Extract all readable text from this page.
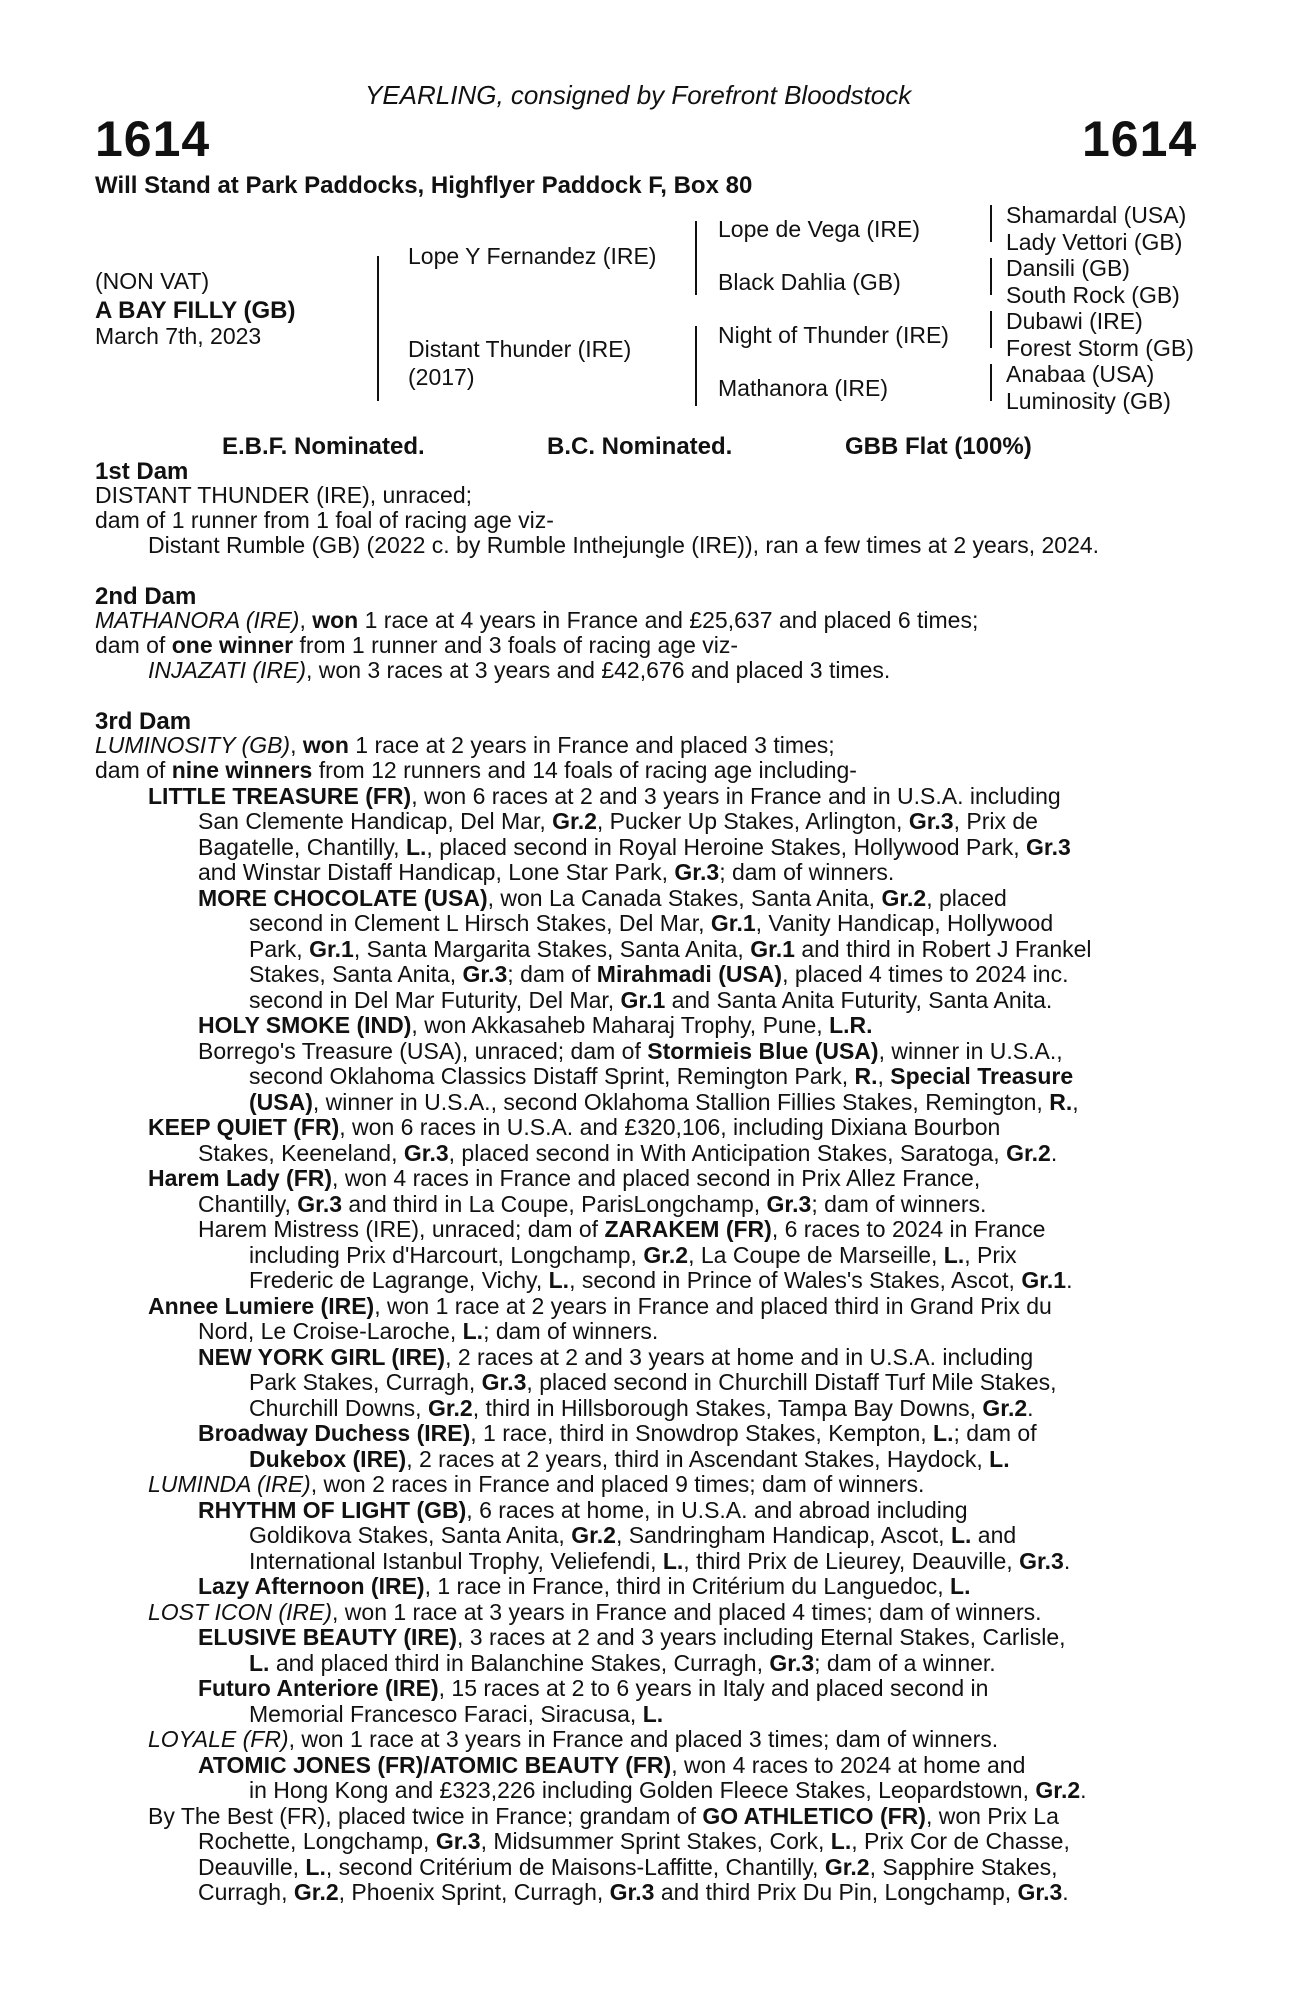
YEARLING, consigned by Forefront Bloodstock
1614	1614
Will Stand at Park Paddocks, Highflyer Paddock F, Box 80
(NON VAT)
A BAY FILLY (GB)
March 7th, 2023
Lope Y Fernandez (IRE)
Distant Thunder (IRE)
(2017)
Lope de Vega (IRE)
Black Dahlia (GB)
Night of Thunder (IRE)
Mathanora (IRE)
Shamardal (USA)
Lady Vettori (GB)
Dansili (GB)
South Rock (GB)
Dubawi (IRE)
Forest Storm (GB)
Anabaa (USA)
Luminosity (GB)
E.B.F. Nominated.	B.C. Nominated.	GBB Flat (100%)
1st Dam
DISTANT THUNDER (IRE), unraced;
dam of 1 runner from 1 foal of racing age viz-
Distant Rumble (GB) (2022 c. by Rumble Inthejungle (IRE)), ran a few times at 2 years, 2024.
2nd Dam
MATHANORA (IRE), won 1 race at 4 years in France and £25,637 and placed 6 times;
dam of one winner from 1 runner and 3 foals of racing age viz-
INJAZATI (IRE), won 3 races at 3 years and £42,676 and placed 3 times.
3rd Dam
LUMINOSITY (GB), won 1 race at 2 years in France and placed 3 times;
dam of nine winners from 12 runners and 14 foals of racing age including-
LITTLE TREASURE (FR), won 6 races at 2 and 3 years in France and in U.S.A. including
San Clemente Handicap, Del Mar, Gr.2, Pucker Up Stakes, Arlington, Gr.3, Prix de
Bagatelle, Chantilly, L., placed second in Royal Heroine Stakes, Hollywood Park, Gr.3
and Winstar Distaff Handicap, Lone Star Park, Gr.3; dam of winners.
MORE CHOCOLATE (USA), won La Canada Stakes, Santa Anita, Gr.2, placed
second in Clement L Hirsch Stakes, Del Mar, Gr.1, Vanity Handicap, Hollywood
Park, Gr.1, Santa Margarita Stakes, Santa Anita, Gr.1 and third in Robert J Frankel
Stakes, Santa Anita, Gr.3; dam of Mirahmadi (USA), placed 4 times to 2024 inc.
second in Del Mar Futurity, Del Mar, Gr.1 and Santa Anita Futurity, Santa Anita.
HOLY SMOKE (IND), won Akkasaheb Maharaj Trophy, Pune, L.R.
Borrego's Treasure (USA), unraced; dam of Stormieis Blue (USA), winner in U.S.A.,
second Oklahoma Classics Distaff Sprint, Remington Park, R., Special Treasure
(USA), winner in U.S.A., second Oklahoma Stallion Fillies Stakes, Remington, R.,
KEEP QUIET (FR), won 6 races in U.S.A. and £320,106, including Dixiana Bourbon
Stakes, Keeneland, Gr.3, placed second in With Anticipation Stakes, Saratoga, Gr.2.
Harem Lady (FR), won 4 races in France and placed second in Prix Allez France,
Chantilly, Gr.3 and third in La Coupe, ParisLongchamp, Gr.3; dam of winners.
Harem Mistress (IRE), unraced; dam of ZARAKEM (FR), 6 races to 2024 in France
including Prix d'Harcourt, Longchamp, Gr.2, La Coupe de Marseille, L., Prix
Frederic de Lagrange, Vichy, L., second in Prince of Wales's Stakes, Ascot, Gr.1.
Annee Lumiere (IRE), won 1 race at 2 years in France and placed third in Grand Prix du
Nord, Le Croise-Laroche, L.; dam of winners.
NEW YORK GIRL (IRE), 2 races at 2 and 3 years at home and in U.S.A. including
Park Stakes, Curragh, Gr.3, placed second in Churchill Distaff Turf Mile Stakes,
Churchill Downs, Gr.2, third in Hillsborough Stakes, Tampa Bay Downs, Gr.2.
Broadway Duchess (IRE), 1 race, third in Snowdrop Stakes, Kempton, L.; dam of
Dukebox (IRE), 2 races at 2 years, third in Ascendant Stakes, Haydock, L.
LUMINDA (IRE), won 2 races in France and placed 9 times; dam of winners.
RHYTHM OF LIGHT (GB), 6 races at home, in U.S.A. and abroad including
Goldikova Stakes, Santa Anita, Gr.2, Sandringham Handicap, Ascot, L. and
International Istanbul Trophy, Veliefendi, L., third Prix de Lieurey, Deauville, Gr.3.
Lazy Afternoon (IRE), 1 race in France, third in Critérium du Languedoc, L.
LOST ICON (IRE), won 1 race at 3 years in France and placed 4 times; dam of winners.
ELUSIVE BEAUTY (IRE), 3 races at 2 and 3 years including Eternal Stakes, Carlisle,
L. and placed third in Balanchine Stakes, Curragh, Gr.3; dam of a winner.
Futuro Anteriore (IRE), 15 races at 2 to 6 years in Italy and placed second in
Memorial Francesco Faraci, Siracusa, L.
LOYALE (FR), won 1 race at 3 years in France and placed 3 times; dam of winners.
ATOMIC JONES (FR)/ATOMIC BEAUTY (FR), won 4 races to 2024 at home and
in Hong Kong and £323,226 including Golden Fleece Stakes, Leopardstown, Gr.2.
By The Best (FR), placed twice in France; grandam of GO ATHLETICO (FR), won Prix La
Rochette, Longchamp, Gr.3, Midsummer Sprint Stakes, Cork, L., Prix Cor de Chasse,
Deauville, L., second Critérium de Maisons-Laffitte, Chantilly, Gr.2, Sapphire Stakes,
Curragh, Gr.2, Phoenix Sprint, Curragh, Gr.3 and third Prix Du Pin, Longchamp, Gr.3.
